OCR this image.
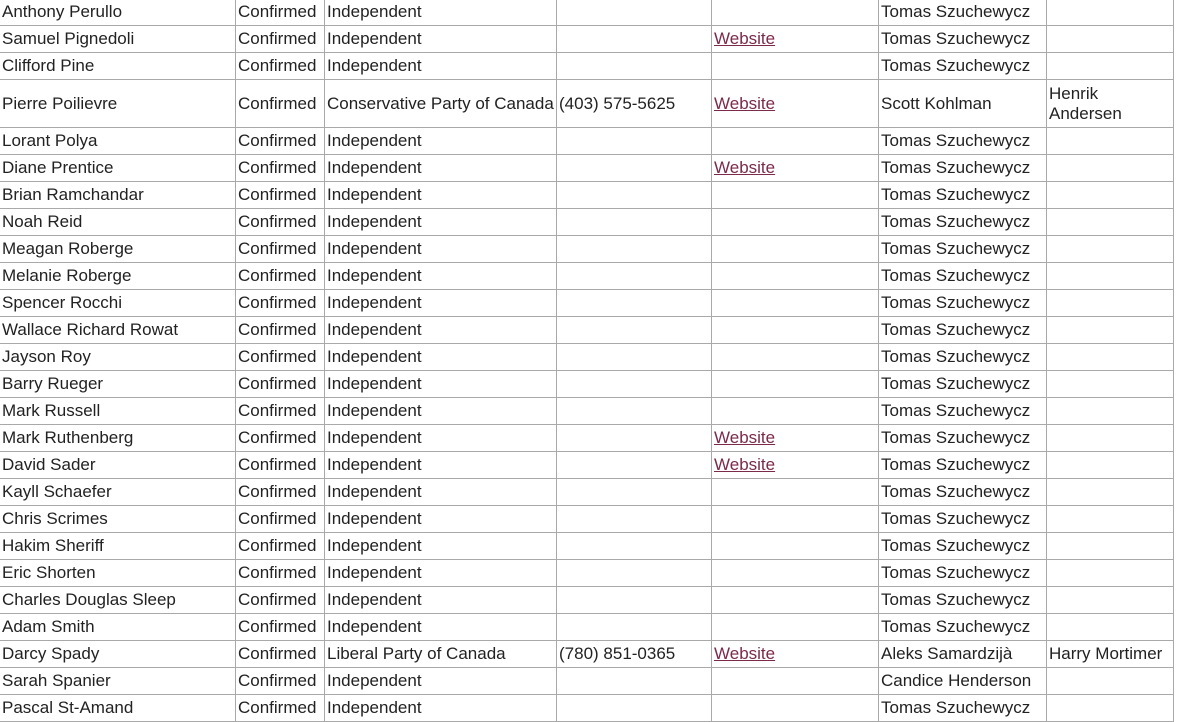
Anthony Perullo	Confirmed	Independent			Tomas Szuchewycz	
Samuel Pignedoli	Confirmed	Independent		Website	Tomas Szuchewycz	
Clifford Pine	Confirmed	Independent			Tomas Szuchewycz	
Pierre Poilievre	Confirmed	Conservative Party of Canada	(403) 575-5625	Website	Scott Kohlman	Henrik Andersen
Lorant Polya	Confirmed	Independent			Tomas Szuchewycz	
Diane Prentice	Confirmed	Independent		Website	Tomas Szuchewycz	
Brian Ramchandar	Confirmed	Independent			Tomas Szuchewycz	
Noah Reid	Confirmed	Independent			Tomas Szuchewycz	
Meagan Roberge	Confirmed	Independent			Tomas Szuchewycz	
Melanie Roberge	Confirmed	Independent			Tomas Szuchewycz	
Spencer Rocchi	Confirmed	Independent			Tomas Szuchewycz	
Wallace Richard Rowat	Confirmed	Independent			Tomas Szuchewycz	
Jayson Roy	Confirmed	Independent			Tomas Szuchewycz	
Barry Rueger	Confirmed	Independent			Tomas Szuchewycz	
Mark Russell	Confirmed	Independent			Tomas Szuchewycz	
Mark Ruthenberg	Confirmed	Independent		Website	Tomas Szuchewycz	
David Sader	Confirmed	Independent		Website	Tomas Szuchewycz	
Kayll Schaefer	Confirmed	Independent			Tomas Szuchewycz	
Chris Scrimes	Confirmed	Independent			Tomas Szuchewycz	
Hakim Sheriff	Confirmed	Independent			Tomas Szuchewycz	
Eric Shorten	Confirmed	Independent			Tomas Szuchewycz	
Charles Douglas Sleep	Confirmed	Independent			Tomas Szuchewycz	
Adam Smith	Confirmed	Independent			Tomas Szuchewycz	
Darcy Spady	Confirmed	Liberal Party of Canada	(780) 851-0365	Website	Aleks Samardzijà	Harry Mortimer
Sarah Spanier	Confirmed	Independent			Candice Henderson	
Pascal St-Amand	Confirmed	Independent			Tomas Szuchewycz	
